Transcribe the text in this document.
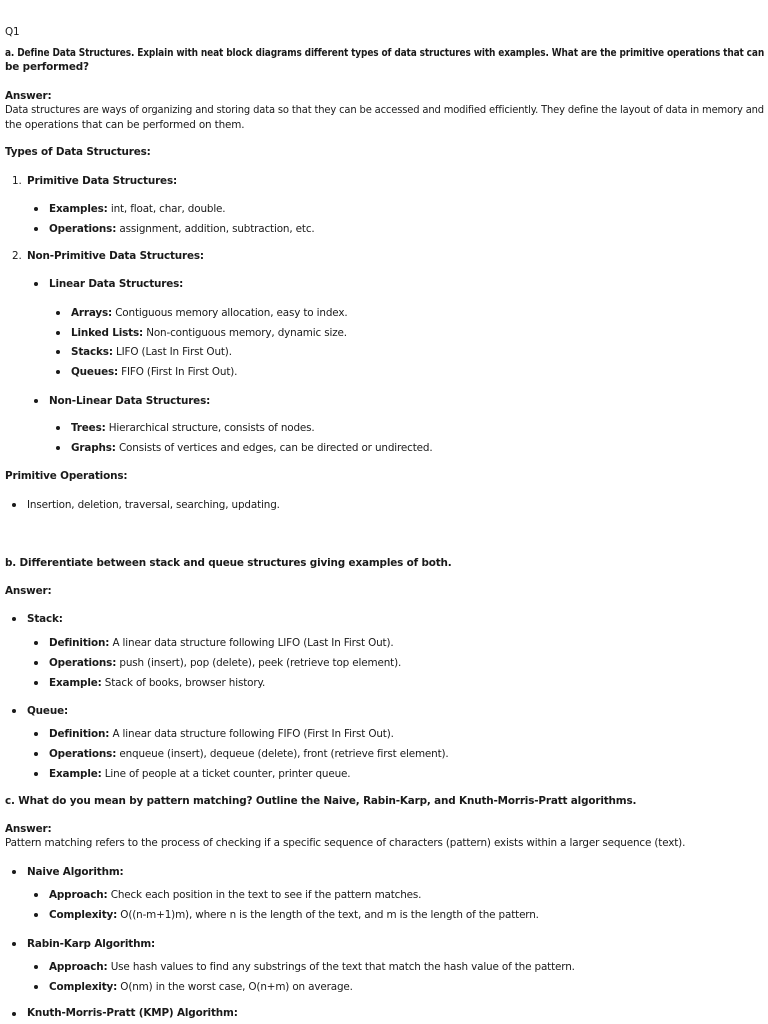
Q1
a. Define Data Structures. Explain with neat block diagrams different types of data structures with examples. What are the primitive operations that can
be performed?
Answer:
Data structures are ways of organizing and storing data so that they can be accessed and modified efficiently. They define the layout of data in memory and
the operations that can be performed on them.
Types of Data Structures:
1. Primitive Data Structures:
Examples: int, float, char, double.
Operations: assignment, addition, subtraction, etc.
2. Non-Primitive Data Structures:
Linear Data Structures:
Arrays: Contiguous memory allocation, easy to index.
Linked Lists: Non-contiguous memory, dynamic size.
Stacks: LIFO (Last In First Out).
Queues: FIFO (First In First Out).
Non-Linear Data Structures:
Trees: Hierarchical structure, consists of nodes.
Graphs: Consists of vertices and edges, can be directed or undirected.
Primitive Operations:
Insertion, deletion, traversal, searching, updating.
b. Differentiate between stack and queue structures giving examples of both.
Answer:
Stack:
Definition: A linear data structure following LIFO (Last In First Out).
Operations: push (insert), pop (delete), peek (retrieve top element).
Example: Stack of books, browser history.
Queue:
Definition: A linear data structure following FIFO (First In First Out).
Operations: enqueue (insert), dequeue (delete), front (retrieve first element).
Example: Line of people at a ticket counter, printer queue.
c. What do you mean by pattern matching? Outline the Naive, Rabin-Karp, and Knuth-Morris-Pratt algorithms.
Answer:
Pattern matching refers to the process of checking if a specific sequence of characters (pattern) exists within a larger sequence (text).
Naive Algorithm:
Approach: Check each position in the text to see if the pattern matches.
Complexity: O((n-m+1)m), where n is the length of the text, and m is the length of the pattern.
Rabin-Karp Algorithm:
Approach: Use hash values to find any substrings of the text that match the hash value of the pattern.
Complexity: O(nm) in the worst case, O(n+m) on average.
Knuth-Morris-Pratt (KMP) Algorithm:
